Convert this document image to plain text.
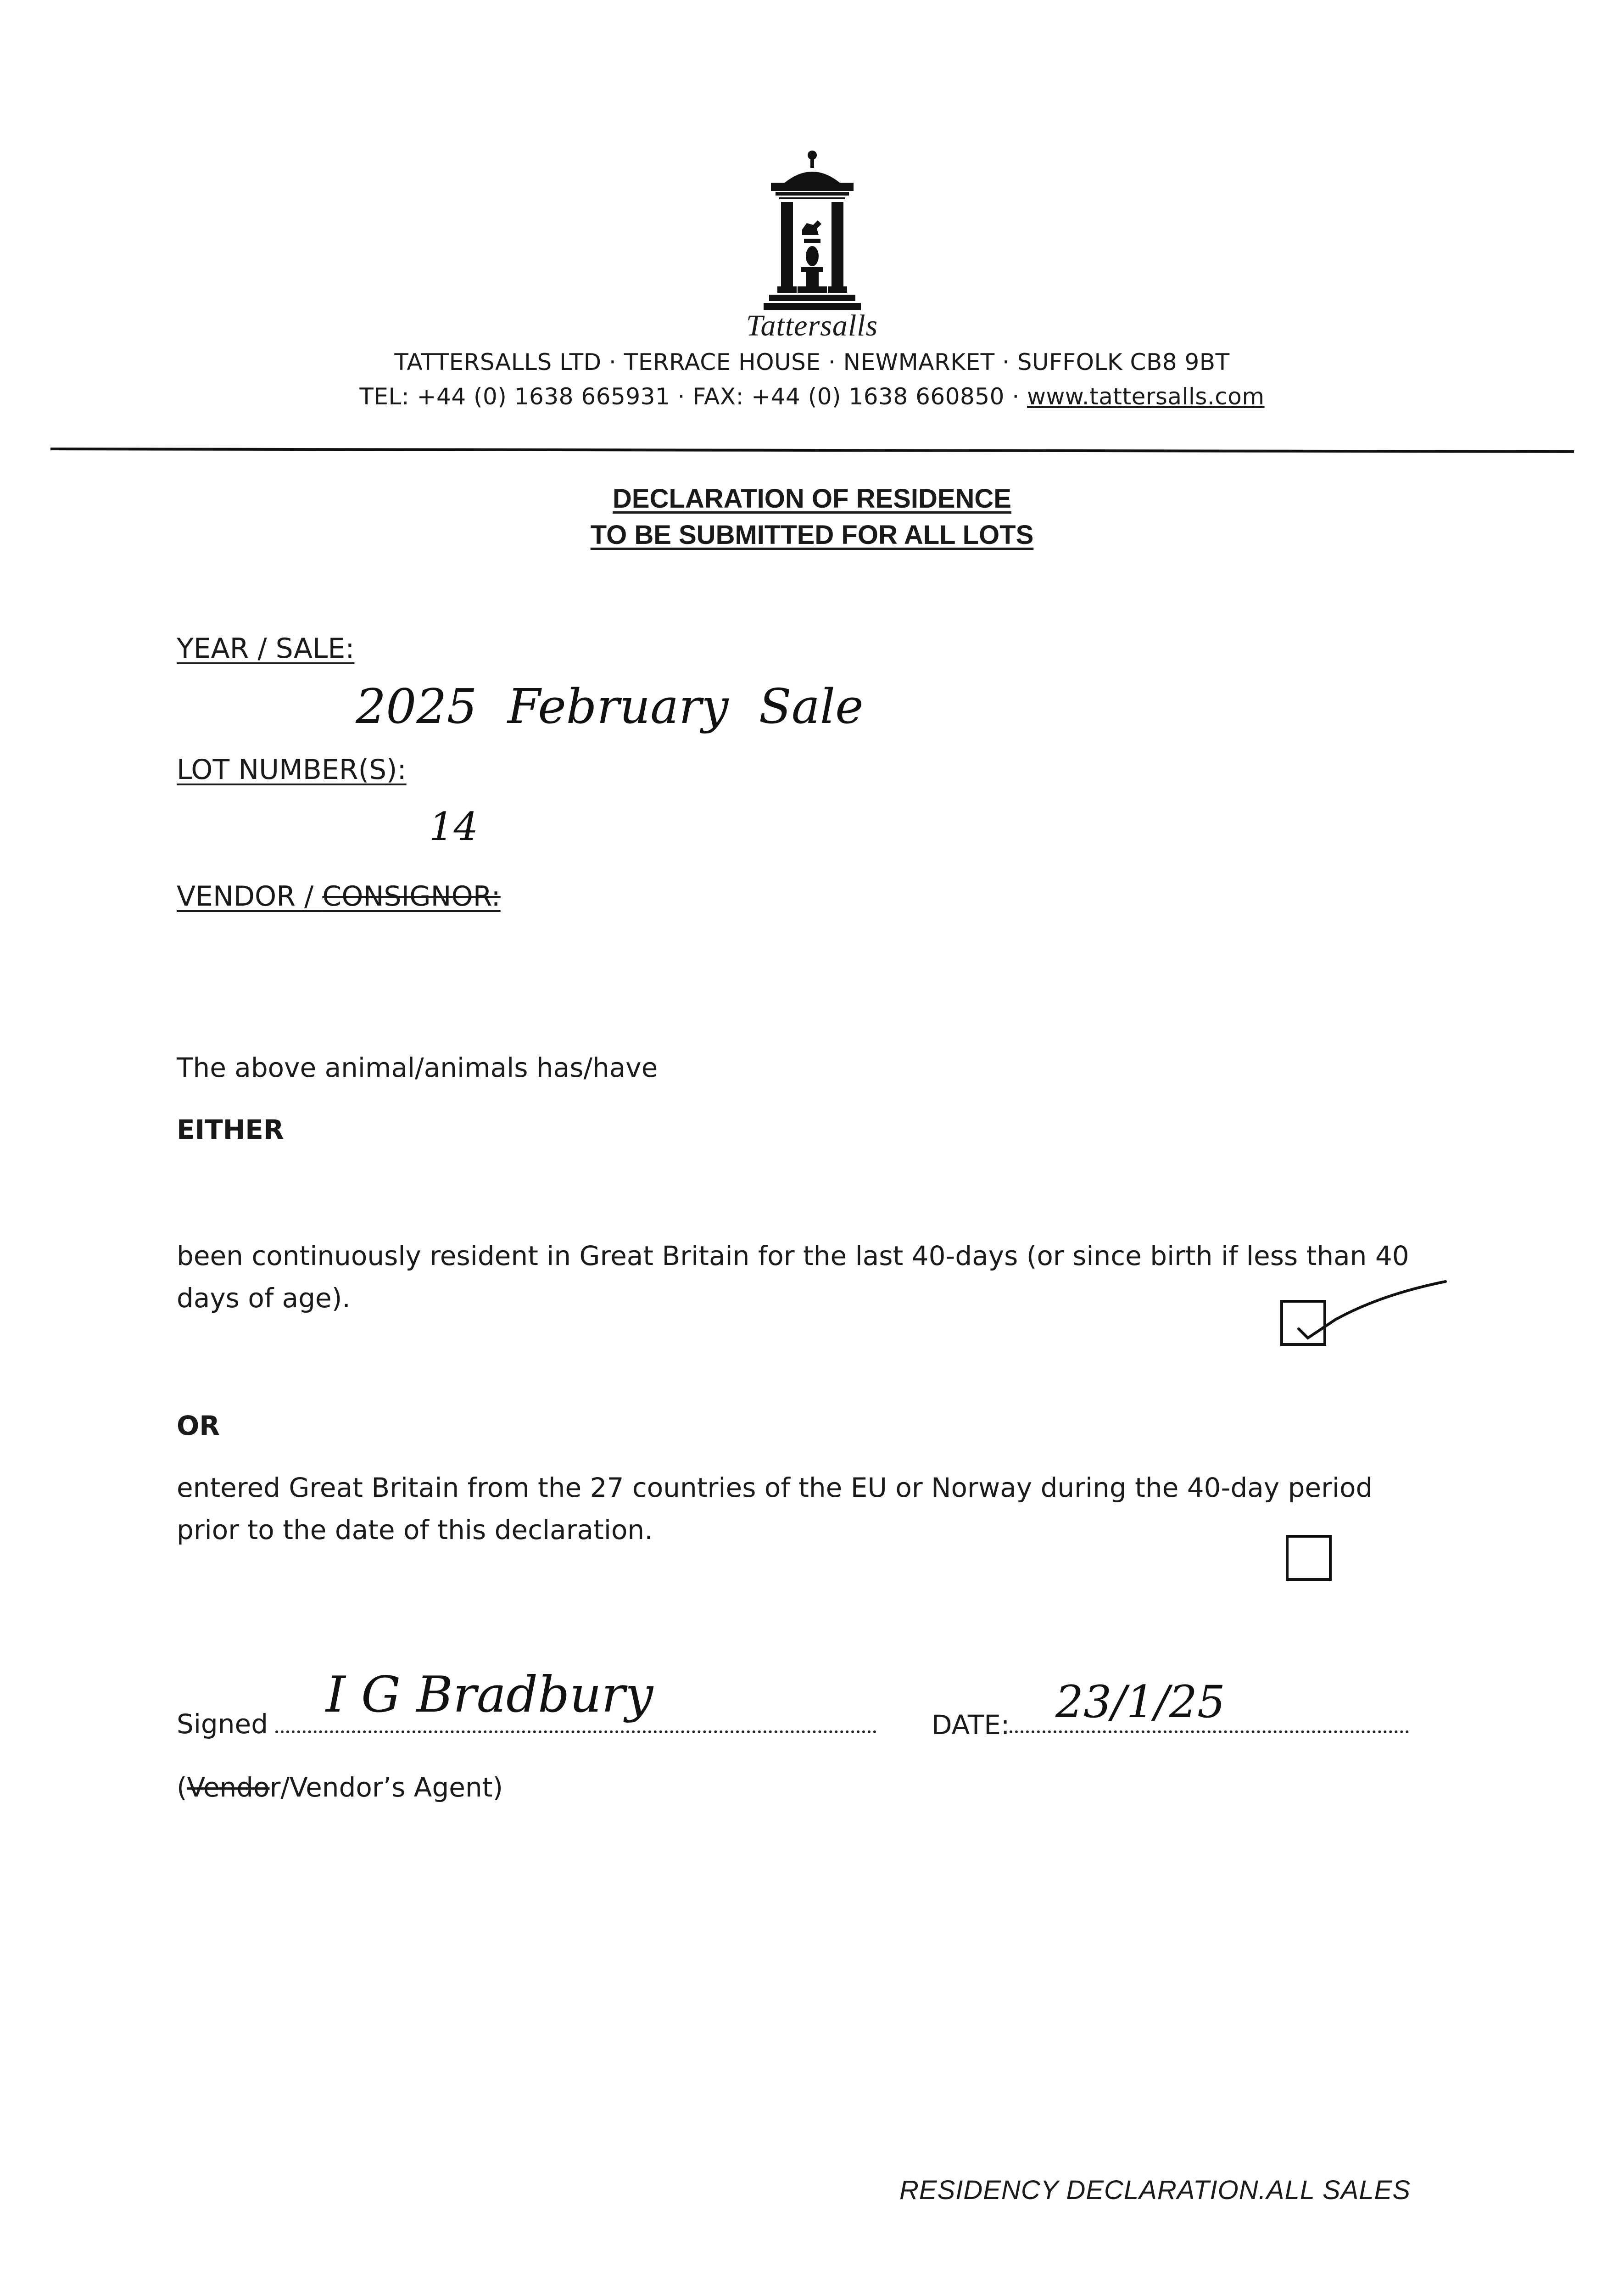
Tattersalls
TATTERSALLS LTD · TERRACE HOUSE · NEWMARKET · SUFFOLK CB8 9BT
TEL: +44 (0) 1638 665931 · FAX: +44 (0) 1638 660850 · www.tattersalls.com
DECLARATION OF RESIDENCE
TO BE SUBMITTED FOR ALL LOTS
YEAR / SALE:
2025  February  Sale
LOT NUMBER(S):
14
VENDOR / CONSIGNOR:
The above animal/animals has/have
EITHER
been continuously resident in Great Britain for the last 40-days (or since birth if less than 40 days of age).
OR
entered Great Britain from the 27 countries of the EU or Norway during the 40-day period prior to the date of this declaration.
Signed
I G Bradbury
DATE: 23/1/25
(Vendor/Vendor’s Agent)
RESIDENCY DECLARATION.ALL SALES
